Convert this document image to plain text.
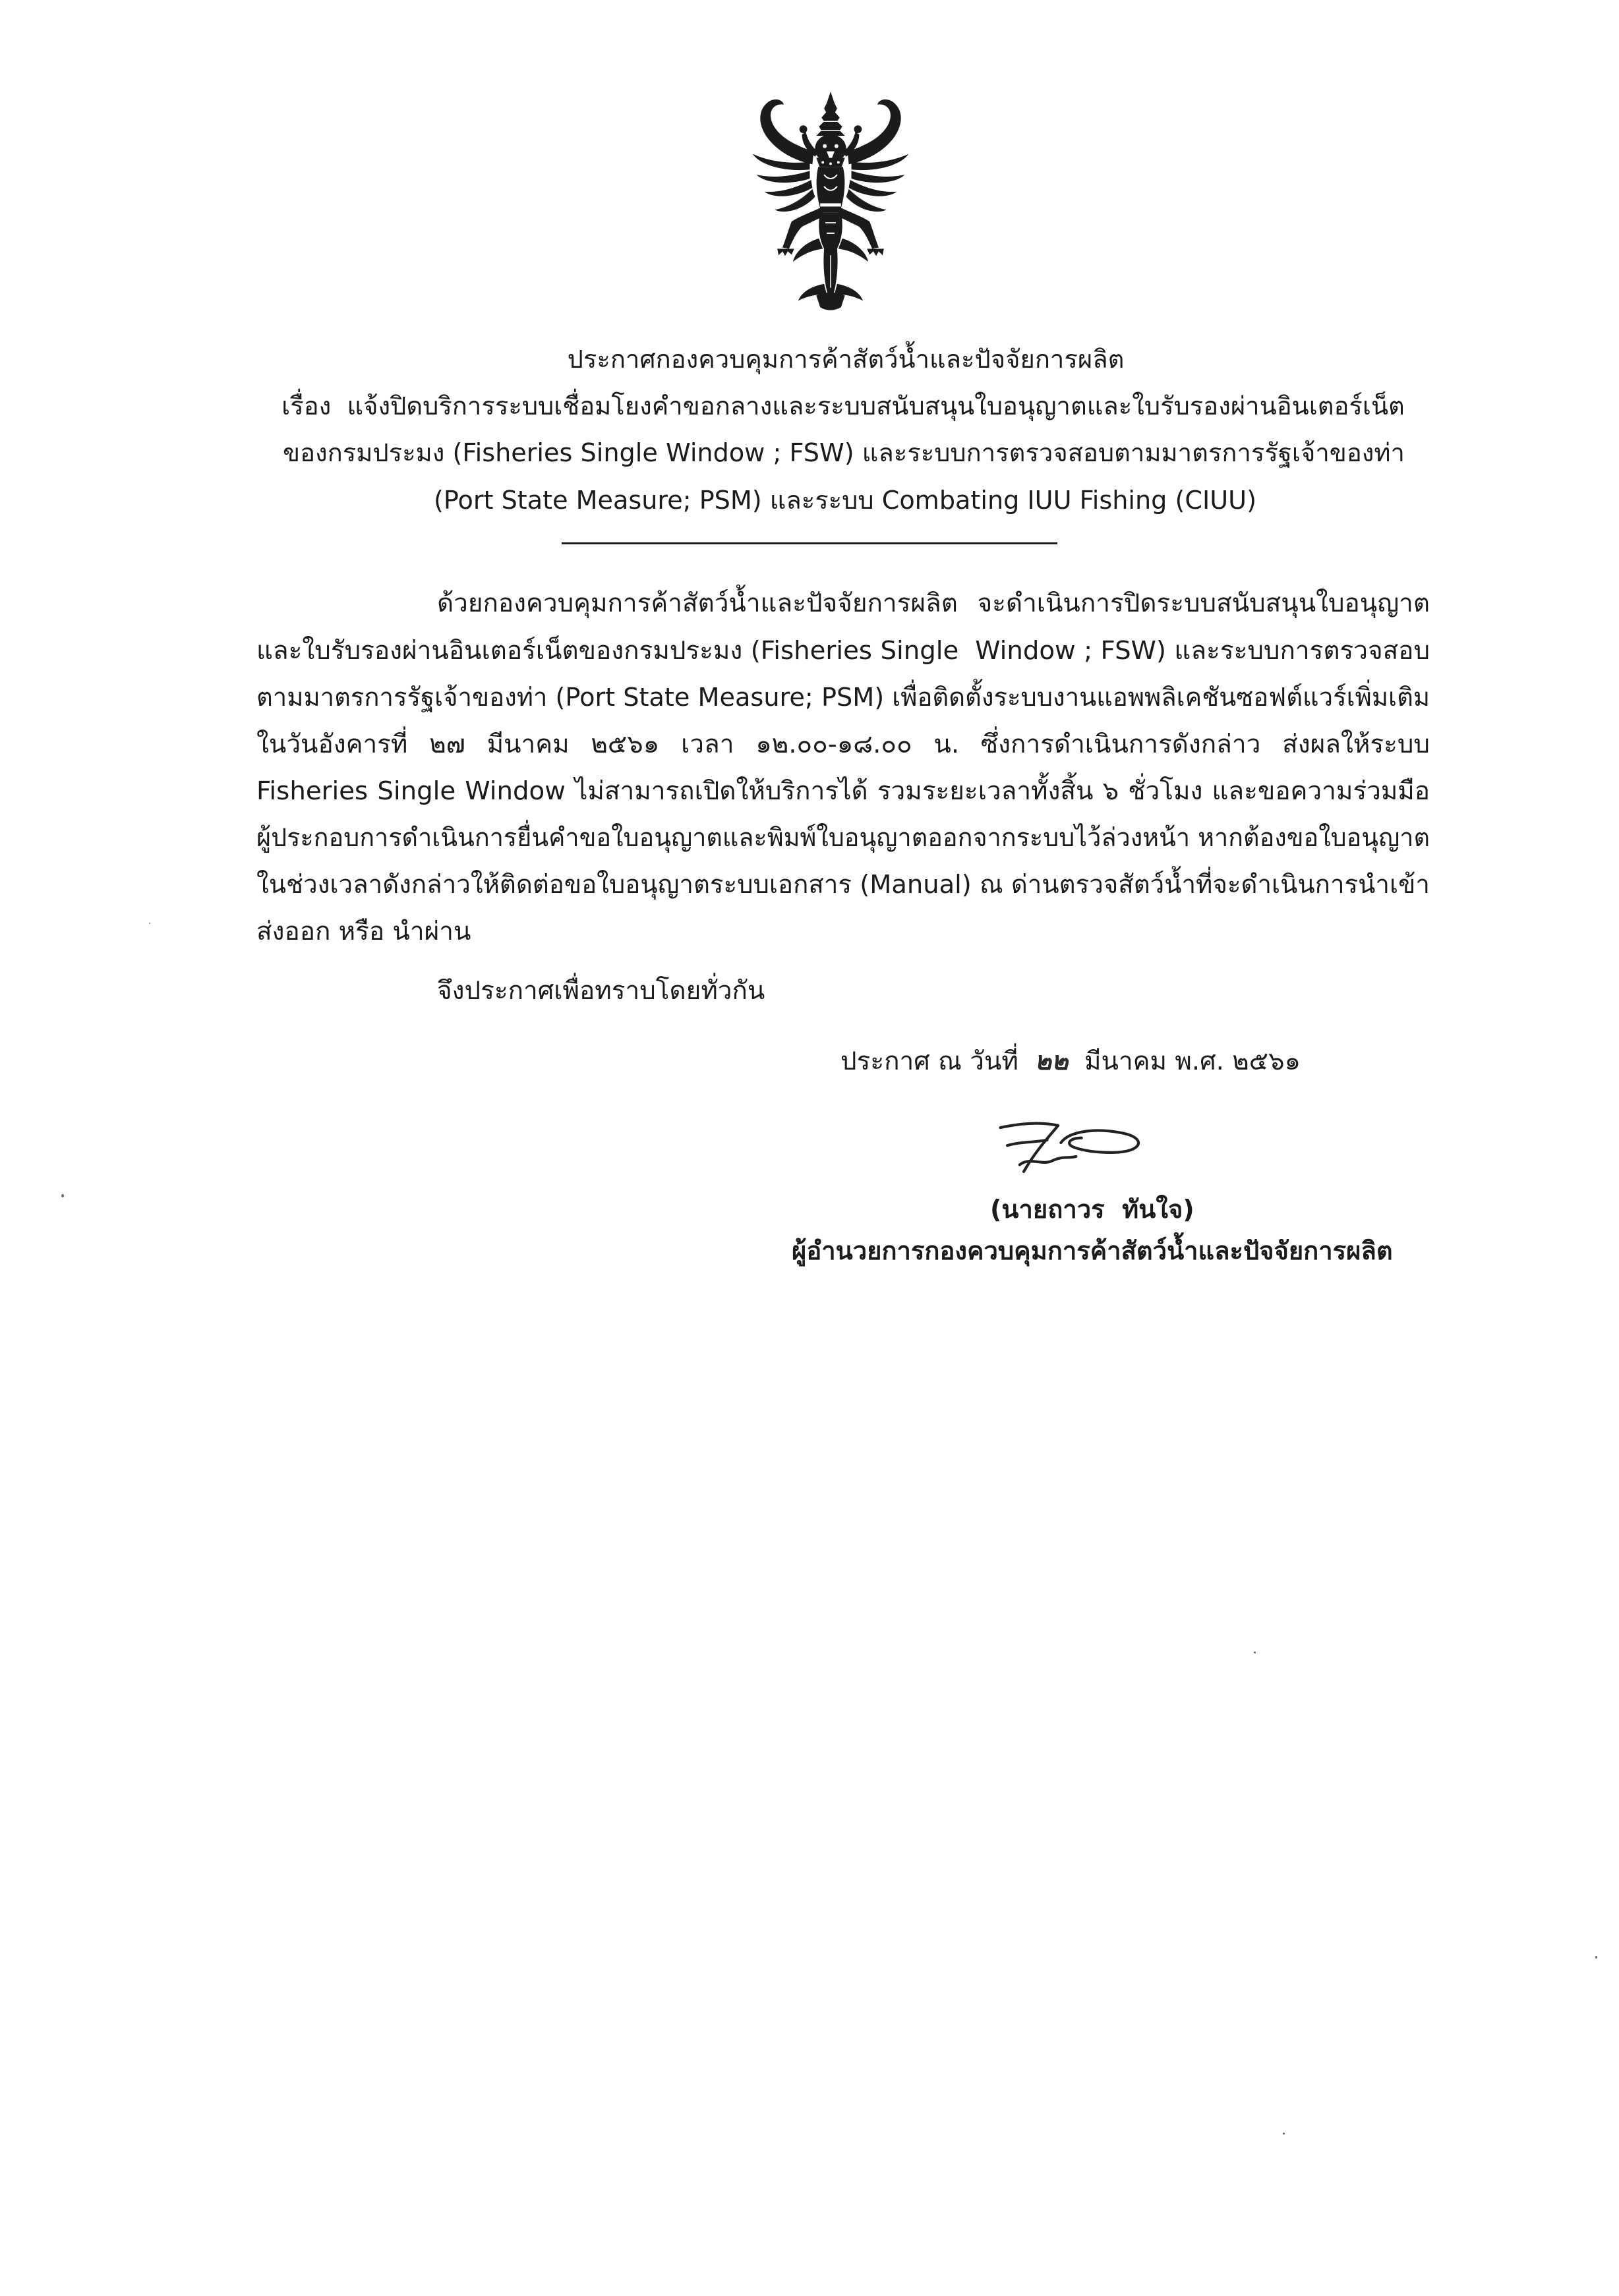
ประกาศกองควบคุมการค้าสัตว์น้ำและปัจจัยการผลิต
เรื่อง  แจ้งปิดบริการระบบเชื่อมโยงคำขอกลางและระบบสนับสนุนใบอนุญาตและใบรับรองผ่านอินเตอร์เน็ต
ของกรมประมง (Fisheries Single Window ; FSW) และระบบการตรวจสอบตามมาตรการรัฐเจ้าของท่า
(Port State Measure; PSM) และระบบ Combating IUU Fishing (CIUU)
ด้วยกองควบคุมการค้าสัตว์น้ำและปัจจัยการผลิต จะดำเนินการปิดระบบสนับสนุนใบอนุญาต
และใบรับรองผ่านอินเตอร์เน็ตของกรมประมง (Fisheries Single  Window ; FSW) และระบบการตรวจสอบ
ตามมาตรการรัฐเจ้าของท่า (Port State Measure; PSM) เพื่อติดตั้งระบบงานแอพพลิเคชันซอฟต์แวร์เพิ่มเติม
ในวันอังคารที่ ๒๗ มีนาคม ๒๕๖๑ เวลา ๑๒.๐๐-๑๘.๐๐ น. ซึ่งการดำเนินการดังกล่าว ส่งผลให้ระบบ
Fisheries Single Window ไม่สามารถเปิดให้บริการได้ รวมระยะเวลาทั้งสิ้น ๖ ชั่วโมง และขอความร่วมมือ
ผู้ประกอบการดำเนินการยื่นคำขอใบอนุญาตและพิมพ์ใบอนุญาตออกจากระบบไว้ล่วงหน้า หากต้องขอใบอนุญาต
ในช่วงเวลาดังกล่าวให้ติดต่อขอใบอนุญาตระบบเอกสาร (Manual) ณ ด่านตรวจสัตว์น้ำที่จะดำเนินการนำเข้า
ส่งออก หรือ นำผ่าน
จึงประกาศเพื่อทราบโดยทั่วกัน
ประกาศ ณ วันที่  ๒๒  มีนาคม พ.ศ. ๒๕๖๑
(นายถาวร  ทันใจ)
ผู้อำนวยการกองควบคุมการค้าสัตว์น้ำและปัจจัยการผลิต
